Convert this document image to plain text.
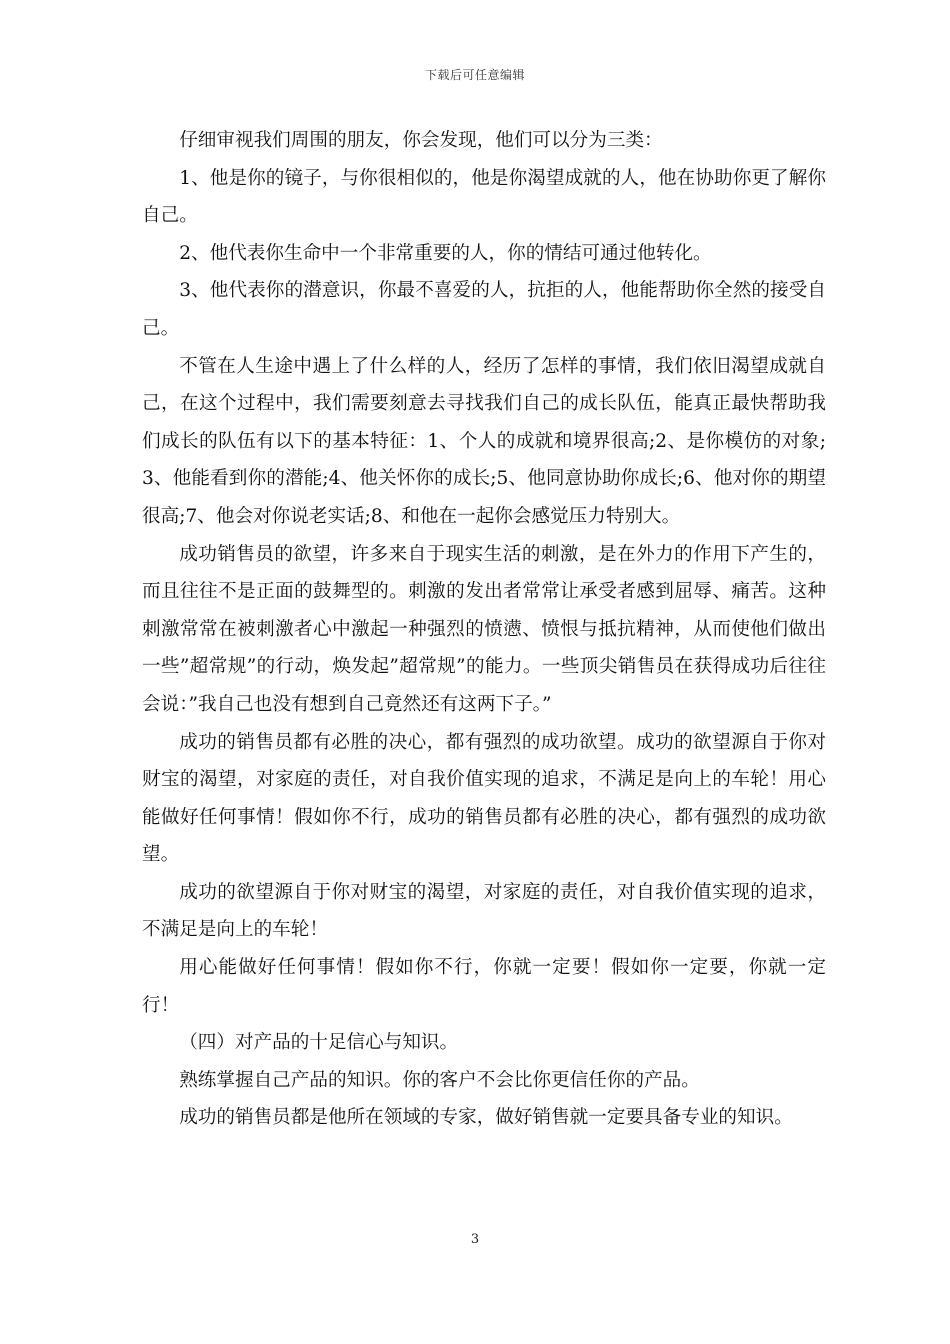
下载后可任意编辑

仔细审视我们周围的朋友，你会发现，他们可以分为三类：

1、他是你的镜子，与你很相似的，他是你渴望成就的人，他在协助你更了解你自己。

2、他代表你生命中一个非常重要的人，你的情结可通过他转化。

3、他代表你的潜意识，你最不喜爱的人，抗拒的人，他能帮助你全然的接受自己。

不管在人生途中遇上了什么样的人，经历了怎样的事情，我们依旧渴望成就自己，在这个过程中，我们需要刻意去寻找我们自己的成长队伍，能真正最快帮助我们成长的队伍有以下的基本特征：1、个人的成就和境界很高;2、是你模仿的对象;3、他能看到你的潜能;4、他关怀你的成长;5、他同意协助你成长;6、他对你的期望很高;7、他会对你说老实话;8、和他在一起你会感觉压力特别大。

成功销售员的欲望，许多来自于现实生活的刺激，是在外力的作用下产生的，而且往往不是正面的鼓舞型的。刺激的发出者常常让承受者感到屈辱、痛苦。这种刺激常常在被刺激者心中激起一种强烈的愤懑、愤恨与抵抗精神，从而使他们做出一些”超常规”的行动，焕发起”超常规”的能力。一些顶尖销售员在获得成功后往往会说：”我自己也没有想到自己竟然还有这两下子。”

成功的销售员都有必胜的决心，都有强烈的成功欲望。成功的欲望源自于你对财宝的渴望，对家庭的责任，对自我价值实现的追求，不满足是向上的车轮！用心能做好任何事情！假如你不行，成功的销售员都有必胜的决心，都有强烈的成功欲望。

成功的欲望源自于你对财宝的渴望，对家庭的责任，对自我价值实现的追求，不满足是向上的车轮！

用心能做好任何事情！假如你不行，你就一定要！假如你一定要，你就一定行！

（四）对产品的十足信心与知识。

熟练掌握自己产品的知识。你的客户不会比你更信任你的产品。

成功的销售员都是他所在领域的专家，做好销售就一定要具备专业的知识。

3
